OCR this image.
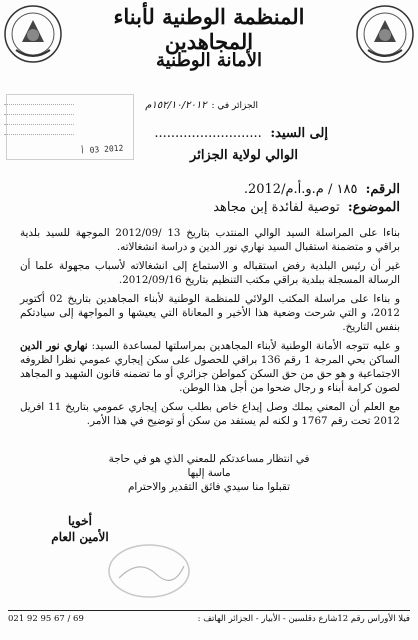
المنظمة الوطنية لأبناء المجاهدين
الأمانة الوطنية
2012 03 أ
الجزائر في : ١٥٢/١٠/٢٠١٢م
إلى السيد: ..........................
الوالي لولاية الجزائر
الرقم: ١٨٥ / م.و.أ.م/2012.
الموضوع: توصية لفائدة إبن مجاهد

بناءا على المراسلة السيد الوالي المنتدب بتاريخ 13 /2012/09 الموجهة للسيد بلدية براقي و متضمنة استقبال السيد نهاري نور الدين و دراسة انشغالاته.

غير أن رئيس البلدية رفض استقباله و الاستماع إلى انشغالاته لأسباب مجهولة علما أن الرسالة المسجلة ببلدية براقي مكتب التنظيم بتاريخ 2012/09/16.

و بناءا على مراسلة المكتب الولائي للمنظمة الوطنية لأبناء المجاهدين بتاريخ 02 أكتوبر 2012، و التي شرحت وضعية هذا الأخير و المعاناة التي يعيشها و المواجهة إلى سيادتكم بنفس التاريخ.

و عليه تتوجه الأمانة الوطنية لأبناء المجاهدين بمراسلتها لمساعدة السيد: نهاري نور الدين الساكن بحي المرجة 1 رقم 136 براقي للحصول على سكن إيجاري عمومي نظرا لظروفه الاجتماعية و هو حق من حق السكن كمواطن جزائري أو ما تضمنه قانون الشهيد و المجاهد لصون كرامة أبناء و رجال ضحوا من أجل هذا الوطن.

مع العلم أن المعني يملك وصل إيداع خاص بطلب سكن إيجاري عمومي بتاريخ 11 افريل 2012 تحت رقم 1767 و لكنه لم يستفد من سكن أو توضيح في هذا الأمر.

في انتظار مساعدتكم للمعني الذي هو في حاجة ماسة إليها
تقبلوا منا سيدي فائق التقدير والاحترام
أخويا
الأمين العام
فيلا الأوراس رقم 12شارع دقلسين - الأبيار - الجزائر الهاتف :
021 92 95 67 / 69
